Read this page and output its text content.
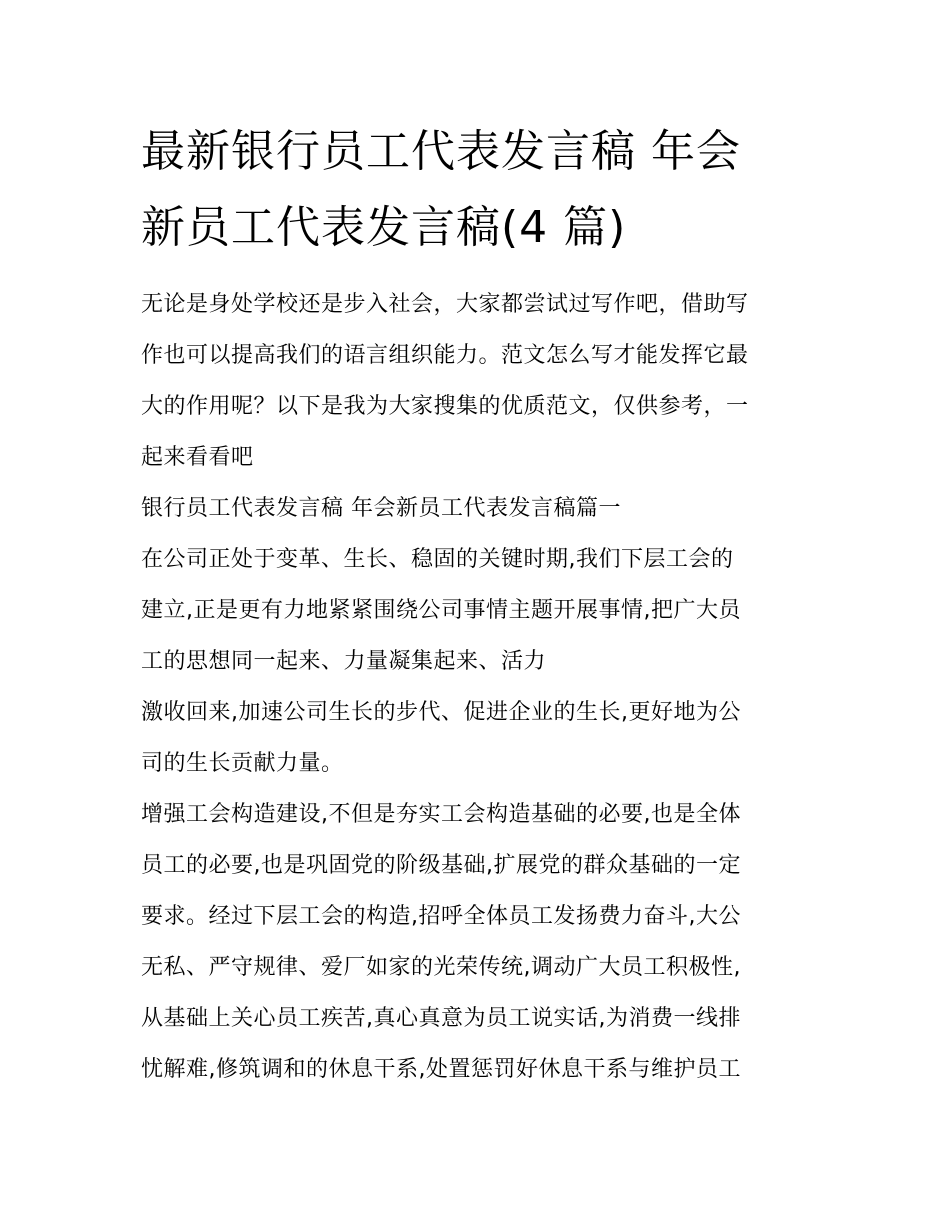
最新银行员工代表发言稿 年会
新员工代表发言稿(4 篇)

无论是身处学校还是步入社会，大家都尝试过写作吧，借助写

作也可以提高我们的语言组织能力。范文怎么写才能发挥它最

大的作用呢？以下是我为大家搜集的优质范文，仅供参考，一

起来看看吧

银行员工代表发言稿 年会新员工代表发言稿篇一

在公司正处于变革、生长、稳固的关键时期,我们下层工会的

建立,正是更有力地紧紧围绕公司事情主题开展事情,把广大员

工的思想同一起来、力量凝集起来、活力

激收回来,加速公司生长的步代、促进企业的生长,更好地为公

司的生长贡献力量。

增强工会构造建设,不但是夯实工会构造基础的必要,也是全体

员工的必要,也是巩固党的阶级基础,扩展党的群众基础的一定

要求。经过下层工会的构造,招呼全体员工发扬费力奋斗,大公

无私、严守规律、爱厂如家的光荣传统,调动广大员工积极性,

从基础上关心员工疾苦,真心真意为员工说实话,为消费一线排

忧解难,修筑调和的休息干系,处置惩罚好休息干系与维护员工
